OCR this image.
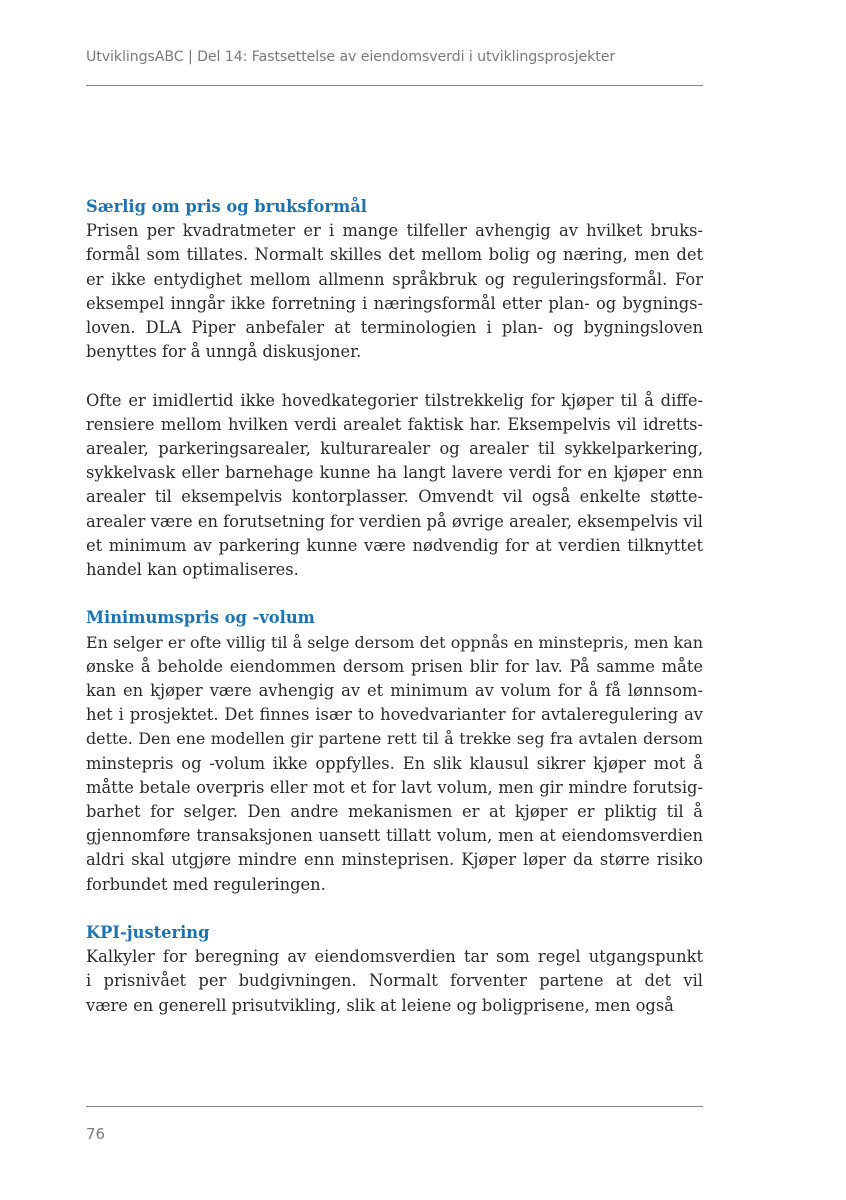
UtviklingsABC | Del 14: Fastsettelse av eiendomsverdi i utviklingsprosjekter
Særlig om pris og bruksformål

Prisen per kvadratmeter er i mange tilfeller avhengig av hvilket bruks-
formål som tillates. Normalt skilles det mellom bolig og næring, men det
er ikke entydighet mellom allmenn språkbruk og reguleringsformål. For
eksempel inngår ikke forretning i næringsformål etter plan- og bygnings-
loven. DLA Piper anbefaler at terminologien i plan- og bygningsloven
benyttes for å unngå diskusjoner.

Ofte er imidlertid ikke hovedkategorier tilstrekkelig for kjøper til å diffe-
rensiere mellom hvilken verdi arealet faktisk har. Eksempelvis vil idretts-
arealer, parkeringsarealer, kulturarealer og arealer til sykkelparkering,
sykkelvask eller barnehage kunne ha langt lavere verdi for en kjøper enn
arealer til eksempelvis kontorplasser. Omvendt vil også enkelte støtte-
arealer være en forutsetning for verdien på øvrige arealer, eksempelvis vil
et minimum av parkering kunne være nødvendig for at verdien tilknyttet
handel kan optimaliseres.

Minimumspris og -volum

En selger er ofte villig til å selge dersom det oppnås en minstepris, men kan
ønske å beholde eiendommen dersom prisen blir for lav. På samme måte
kan en kjøper være avhengig av et minimum av volum for å få lønnsom-
het i prosjektet. Det finnes især to hovedvarianter for avtaleregulering av
dette. Den ene modellen gir partene rett til å trekke seg fra avtalen dersom
minstepris og -volum ikke oppfylles. En slik klausul sikrer kjøper mot å
måtte betale overpris eller mot et for lavt volum, men gir mindre forutsig-
barhet for selger. Den andre mekanismen er at kjøper er pliktig til å
gjennomføre transaksjonen uansett tillatt volum, men at eiendomsverdien
aldri skal utgjøre mindre enn minsteprisen. Kjøper løper da større risiko
forbundet med reguleringen.

KPI-justering

Kalkyler for beregning av eiendomsverdien tar som regel utgangspunkt
i prisnivået per budgivningen. Normalt forventer partene at det vil
være en generell prisutvikling, slik at leiene og boligprisene, men også

76
